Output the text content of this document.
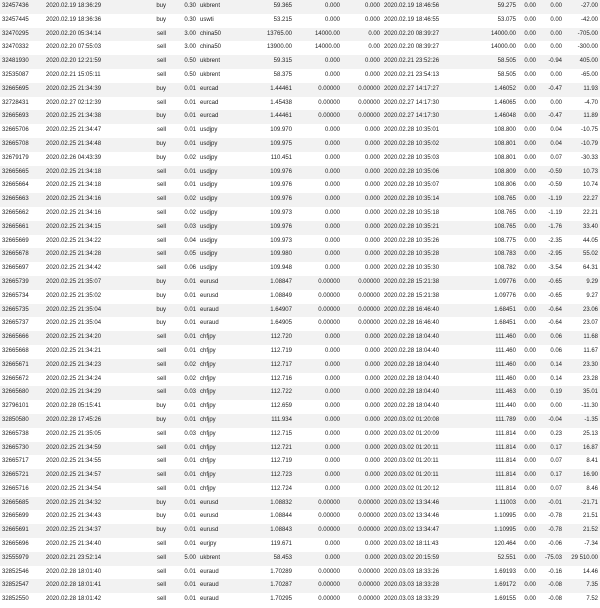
32457436	2020.02.19 18:36:29	buy	0.30	ukbrent	59.365	0.000	0.000	2020.02.19 18:46:56	59.275	0.00	0.00	-27.00
32457445	2020.02.19 18:36:36	buy	0.30	uswti	53.215	0.000	0.000	2020.02.19 18:46:55	53.075	0.00	0.00	-42.00
32470295	2020.02.20 05:34:14	sell	3.00	china50	13765.00	14000.00	0.00	2020.02.20 08:39:27	14000.00	0.00	0.00	-705.00
32470332	2020.02.20 07:55:03	sell	3.00	china50	13900.00	14000.00	0.00	2020.02.20 08:39:27	14000.00	0.00	0.00	-300.00
32481930	2020.02.20 12:21:59	sell	0.50	ukbrent	59.315	0.000	0.000	2020.02.21 23:52:26	58.505	0.00	-0.94	405.00
32535087	2020.02.21 15:05:11	sell	0.50	ukbrent	58.375	0.000	0.000	2020.02.21 23:54:13	58.505	0.00	0.00	-65.00
32665695	2020.02.25 21:34:39	buy	0.01	eurcad	1.44461	0.00000	0.00000	2020.02.27 14:17:27	1.46052	0.00	-0.47	11.93
32728431	2020.02.27 02:12:39	sell	0.01	eurcad	1.45438	0.00000	0.00000	2020.02.27 14:17:30	1.46065	0.00	0.00	-4.70
32665693	2020.02.25 21:34:38	buy	0.01	eurcad	1.44461	0.00000	0.00000	2020.02.27 14:17:30	1.46048	0.00	-0.47	11.89
32665706	2020.02.25 21:34:47	sell	0.01	usdjpy	109.970	0.000	0.000	2020.02.28 10:35:01	108.800	0.00	0.04	-10.75
32665708	2020.02.25 21:34:48	buy	0.01	usdjpy	109.975	0.000	0.000	2020.02.28 10:35:02	108.801	0.00	0.04	-10.79
32679179	2020.02.26 04:43:39	buy	0.02	usdjpy	110.451	0.000	0.000	2020.02.28 10:35:03	108.801	0.00	0.07	-30.33
32665665	2020.02.25 21:34:18	sell	0.01	usdjpy	109.976	0.000	0.000	2020.02.28 10:35:06	108.809	0.00	-0.59	10.73
32665664	2020.02.25 21:34:18	sell	0.01	usdjpy	109.976	0.000	0.000	2020.02.28 10:35:07	108.806	0.00	-0.59	10.74
32665663	2020.02.25 21:34:16	sell	0.02	usdjpy	109.976	0.000	0.000	2020.02.28 10:35:14	108.765	0.00	-1.19	22.27
32665662	2020.02.25 21:34:16	sell	0.02	usdjpy	109.973	0.000	0.000	2020.02.28 10:35:18	108.765	0.00	-1.19	22.21
32665661	2020.02.25 21:34:15	sell	0.03	usdjpy	109.976	0.000	0.000	2020.02.28 10:35:21	108.765	0.00	-1.76	33.40
32665669	2020.02.25 21:34:22	sell	0.04	usdjpy	109.973	0.000	0.000	2020.02.28 10:35:26	108.775	0.00	-2.35	44.05
32665678	2020.02.25 21:34:28	sell	0.05	usdjpy	109.980	0.000	0.000	2020.02.28 10:35:28	108.783	0.00	-2.95	55.02
32665697	2020.02.25 21:34:42	sell	0.06	usdjpy	109.948	0.000	0.000	2020.02.28 10:35:30	108.782	0.00	-3.54	64.31
32665739	2020.02.25 21:35:07	buy	0.01	eurusd	1.08847	0.00000	0.00000	2020.02.28 15:21:38	1.09776	0.00	-0.65	9.29
32665734	2020.02.25 21:35:02	buy	0.01	eurusd	1.08849	0.00000	0.00000	2020.02.28 15:21:38	1.09776	0.00	-0.65	9.27
32665735	2020.02.25 21:35:04	buy	0.01	euraud	1.64907	0.00000	0.00000	2020.02.28 16:46:40	1.68451	0.00	-0.64	23.06
32665737	2020.02.25 21:35:04	buy	0.01	euraud	1.64905	0.00000	0.00000	2020.02.28 16:46:40	1.68451	0.00	-0.64	23.07
32665666	2020.02.25 21:34:20	sell	0.01	chfjpy	112.720	0.000	0.000	2020.02.28 18:04:40	111.460	0.00	0.06	11.68
32665668	2020.02.25 21:34:21	sell	0.01	chfjpy	112.719	0.000	0.000	2020.02.28 18:04:40	111.460	0.00	0.06	11.67
32665671	2020.02.25 21:34:23	sell	0.02	chfjpy	112.717	0.000	0.000	2020.02.28 18:04:40	111.460	0.00	0.14	23.30
32665672	2020.02.25 21:34:24	sell	0.02	chfjpy	112.716	0.000	0.000	2020.02.28 18:04:40	111.460	0.00	0.14	23.28
32665680	2020.02.25 21:34:29	sell	0.03	chfjpy	112.722	0.000	0.000	2020.02.28 18:04:40	111.463	0.00	0.19	35.01
32796101	2020.02.28 05:15:41	buy	0.01	chfjpy	112.659	0.000	0.000	2020.02.28 18:04:40	111.440	0.00	0.00	-11.30
32850580	2020.02.28 17:45:26	buy	0.01	chfjpy	111.934	0.000	0.000	2020.03.02 01:20:08	111.789	0.00	-0.04	-1.35
32665738	2020.02.25 21:35:05	sell	0.03	chfjpy	112.715	0.000	0.000	2020.03.02 01:20:09	111.814	0.00	0.23	25.13
32665730	2020.02.25 21:34:59	sell	0.01	chfjpy	112.721	0.000	0.000	2020.03.02 01:20:11	111.814	0.00	0.17	16.87
32665717	2020.02.25 21:34:55	sell	0.01	chfjpy	112.719	0.000	0.000	2020.03.02 01:20:11	111.814	0.00	0.07	8.41
32665721	2020.02.25 21:34:57	sell	0.01	chfjpy	112.723	0.000	0.000	2020.03.02 01:20:11	111.814	0.00	0.17	16.90
32665716	2020.02.25 21:34:54	sell	0.01	chfjpy	112.724	0.000	0.000	2020.03.02 01:20:12	111.814	0.00	0.07	8.46
32665685	2020.02.25 21:34:32	buy	0.01	eurusd	1.08832	0.00000	0.00000	2020.03.02 13:34:46	1.11003	0.00	-0.01	-21.71
32665699	2020.02.25 21:34:43	buy	0.01	eurusd	1.08844	0.00000	0.00000	2020.03.02 13:34:46	1.10995	0.00	-0.78	21.51
32665691	2020.02.25 21:34:37	buy	0.01	eurusd	1.08843	0.00000	0.00000	2020.03.02 13:34:47	1.10995	0.00	-0.78	21.52
32665696	2020.02.25 21:34:40	sell	0.01	eurjpy	119.671	0.000	0.000	2020.03.02 18:11:43	120.464	0.00	-0.06	-7.34
32555979	2020.02.21 23:52:14	sell	5.00	ukbrent	58.453	0.000	0.000	2020.03.02 20:15:59	52.551	0.00	-75.03	29 510.00
32852546	2020.02.28 18:01:40	sell	0.01	euraud	1.70289	0.00000	0.00000	2020.03.03 18:33:26	1.69193	0.00	-0.16	14.46
32852547	2020.02.28 18:01:41	sell	0.01	euraud	1.70287	0.00000	0.00000	2020.03.03 18:33:28	1.69172	0.00	-0.08	7.35
32852550	2020.02.28 18:01:42	sell	0.01	euraud	1.70295	0.00000	0.00000	2020.03.03 18:33:29	1.69155	0.00	-0.08	7.52
